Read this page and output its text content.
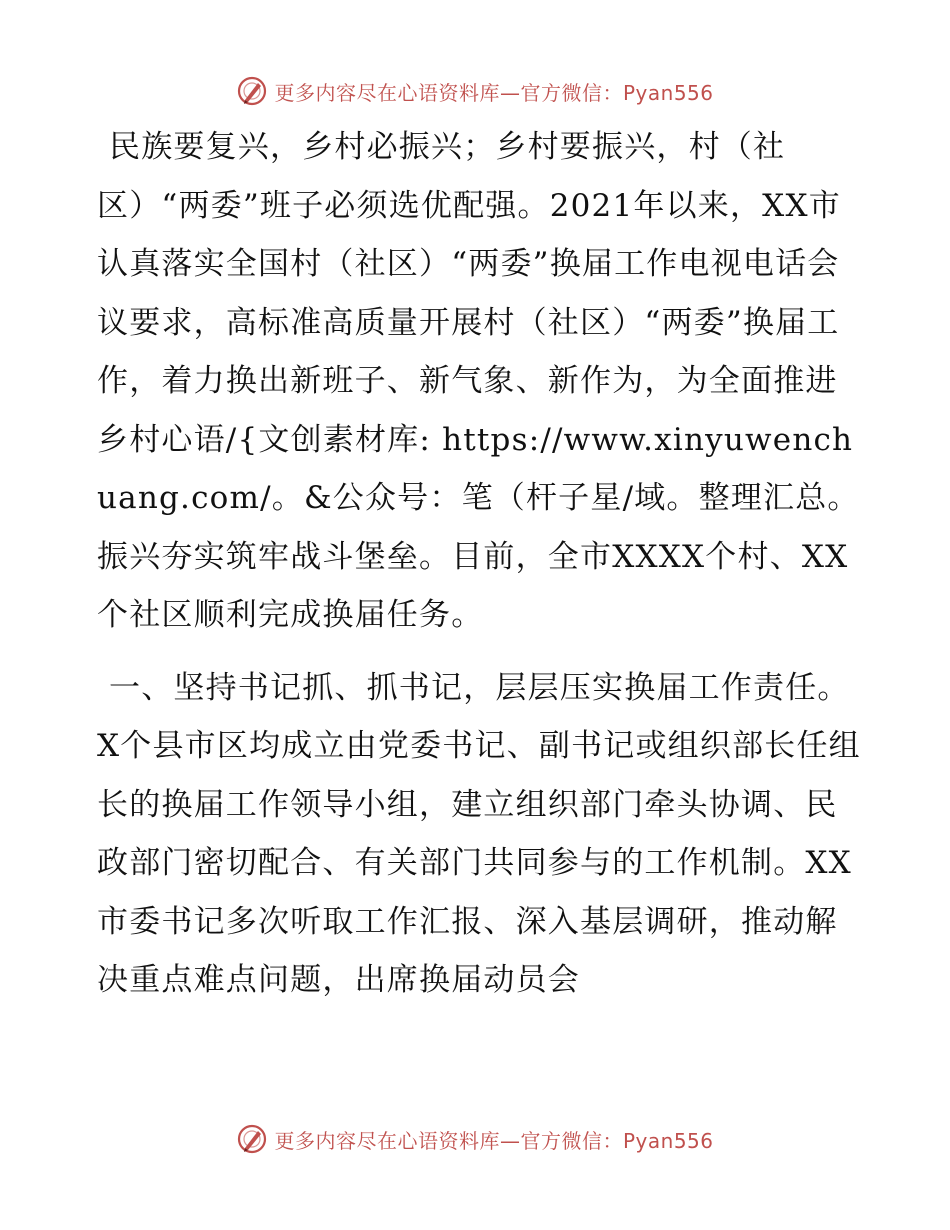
更多内容尽在心语资料库—官方微信：Pyan556

民族要复兴，乡村必振兴；乡村要振兴，村（社区）“两委”班子必须选优配强。2021年以来，XX市认真落实全国村（社区）“两委”换届工作电视电话会议要求，高标准高质量开展村（社区）“两委”换届工作，着力换出新班子、新气象、新作为，为全面推进乡村心语/{文创素材库: https://www.xinyuwenchuang.com/。&公众号：笔（杆子星/域。整理汇总。振兴夯实筑牢战斗堡垒。目前，全市XXXX个村、XX个社区顺利完成换届任务。

一、坚持书记抓、抓书记，层层压实换届工作责任。X个县市区均成立由党委书记、副书记或组织部长任组长的换届工作领导小组，建立组织部门牵头协调、民政部门密切配合、有关部门共同参与的工作机制。XX市委书记多次听取工作汇报、深入基层调研，推动解决重点难点问题，出席换届动员会

更多内容尽在心语资料库—官方微信：Pyan556
